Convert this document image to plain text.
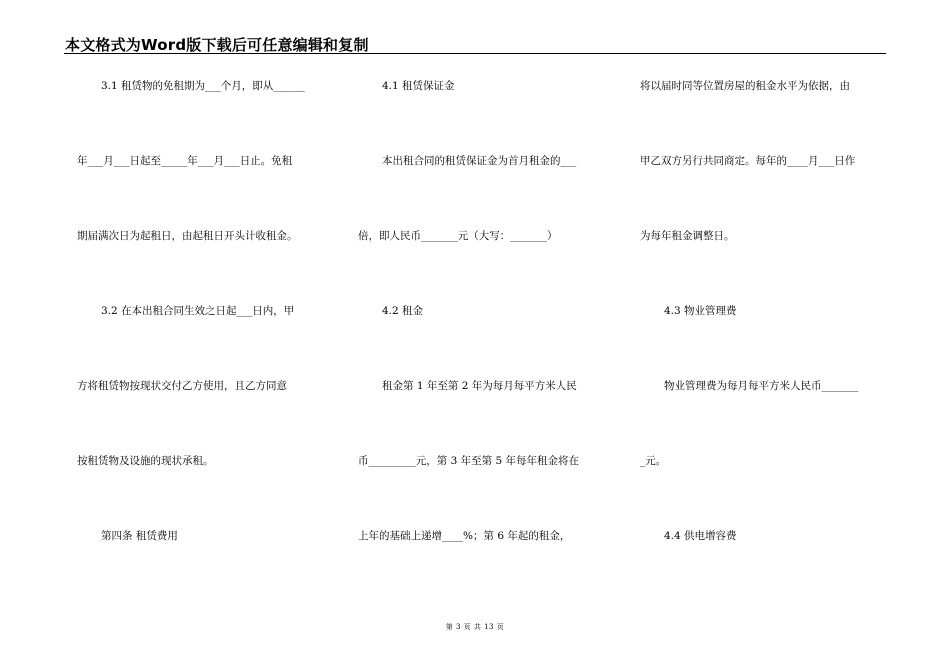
本文格式为Word版下载后可任意编辑和复制
3.1 租赁物的免租期为___个月，即从______
年___月___日起至_____年___月___日止。免租
期届满次日为起租日，由起租日开头计收租金。
3.2 在本出租合同生效之日起___日内，甲
方将租赁物按现状交付乙方使用，且乙方同意
按租赁物及设施的现状承租。
第四条 租赁费用
4.1 租赁保证金
本出租合同的租赁保证金为首月租金的___
倍，即人民币_______元（大写：_______）
4.2 租金
租金第 1 年至第 2 年为每月每平方米人民
币_________元，第 3 年至第 5 年每年租金将在
上年的基础上递增____%；第 6 年起的租金，
将以届时同等位置房屋的租金水平为依据，由
甲乙双方另行共同商定。每年的____月___日作
为每年租金调整日。
4.3 物业管理费
物业管理费为每月每平方米人民币_______
_元。
4.4 供电增容费
第 3 页 共 13 页
